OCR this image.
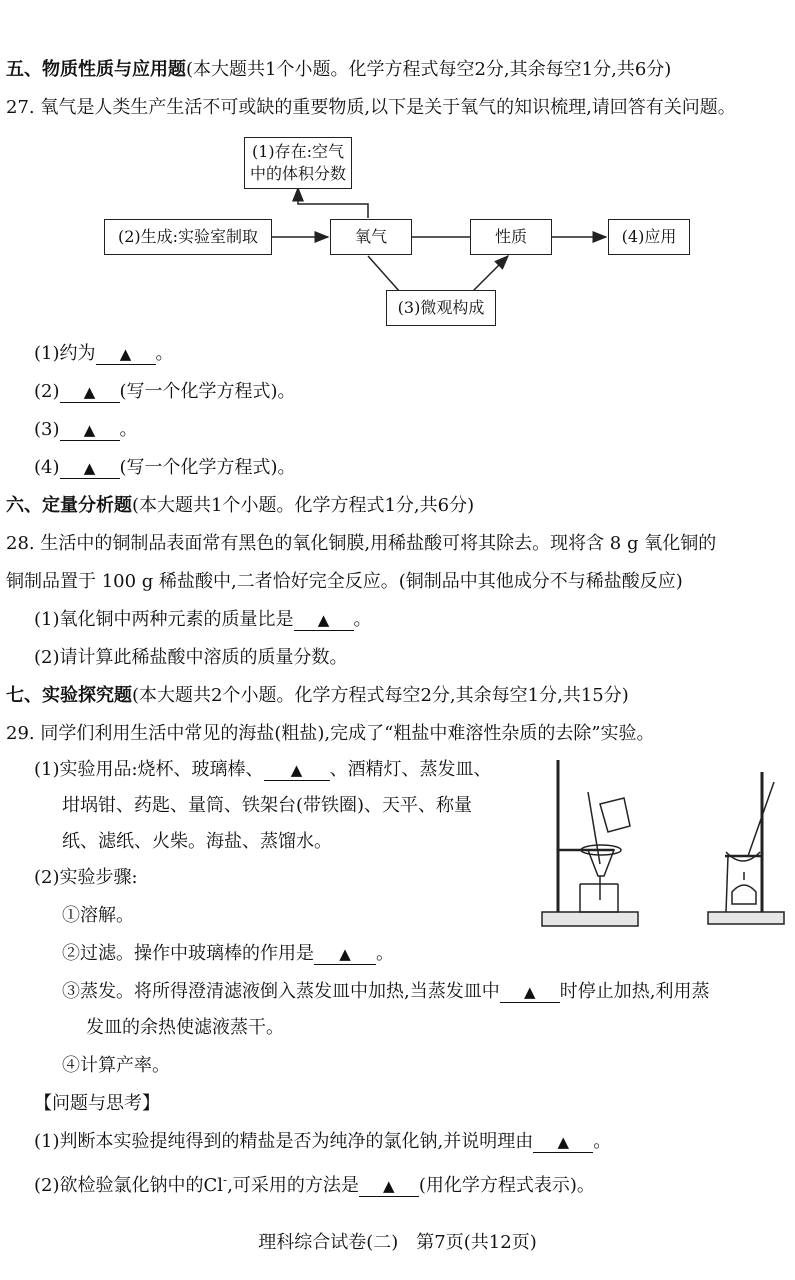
五、物质性质与应用题(本大题共1个小题。化学方程式每空2分,其余每空1分,共6分)
27. 氧气是人类生产生活不可或缺的重要物质,以下是关于氧气的知识梳理,请回答有关问题。
(1)存在:空气
中的体积分数
(2)生成:实验室制取	氧气	性质	(4)应用
(3)微观构成
(1)约为 ▲ 。
(2) ▲ (写一个化学方程式)。
(3) ▲ 。
(4) ▲ (写一个化学方程式)。
六、定量分析题(本大题共1个小题。化学方程式1分,共6分)
28. 生活中的铜制品表面常有黑色的氧化铜膜,用稀盐酸可将其除去。现将含 8 g 氧化铜的
铜制品置于 100 g 稀盐酸中,二者恰好完全反应。(铜制品中其他成分不与稀盐酸反应)
(1)氧化铜中两种元素的质量比是 ▲ 。
(2)请计算此稀盐酸中溶质的质量分数。
七、实验探究题(本大题共2个小题。化学方程式每空2分,其余每空1分,共15分)
29. 同学们利用生活中常见的海盐(粗盐),完成了“粗盐中难溶性杂质的去除”实验。
(1)实验用品:烧杯、玻璃棒、 ▲ 、酒精灯、蒸发皿、
坩埚钳、药匙、量筒、铁架台(带铁圈)、天平、称量
纸、滤纸、火柴。海盐、蒸馏水。
(2)实验步骤:
①溶解。
②过滤。操作中玻璃棒的作用是 ▲ 。
③蒸发。将所得澄清滤液倒入蒸发皿中加热,当蒸发皿中 ▲ 时停止加热,利用蒸
发皿的余热使滤液蒸干。
④计算产率。
【问题与思考】
(1)判断本实验提纯得到的精盐是否为纯净的氯化钠,并说明理由 ▲ 。
(2)欲检验氯化钠中的Cl-,可采用的方法是 ▲ (用化学方程式表示)。
理科综合试卷(二)　第7页(共12页)
